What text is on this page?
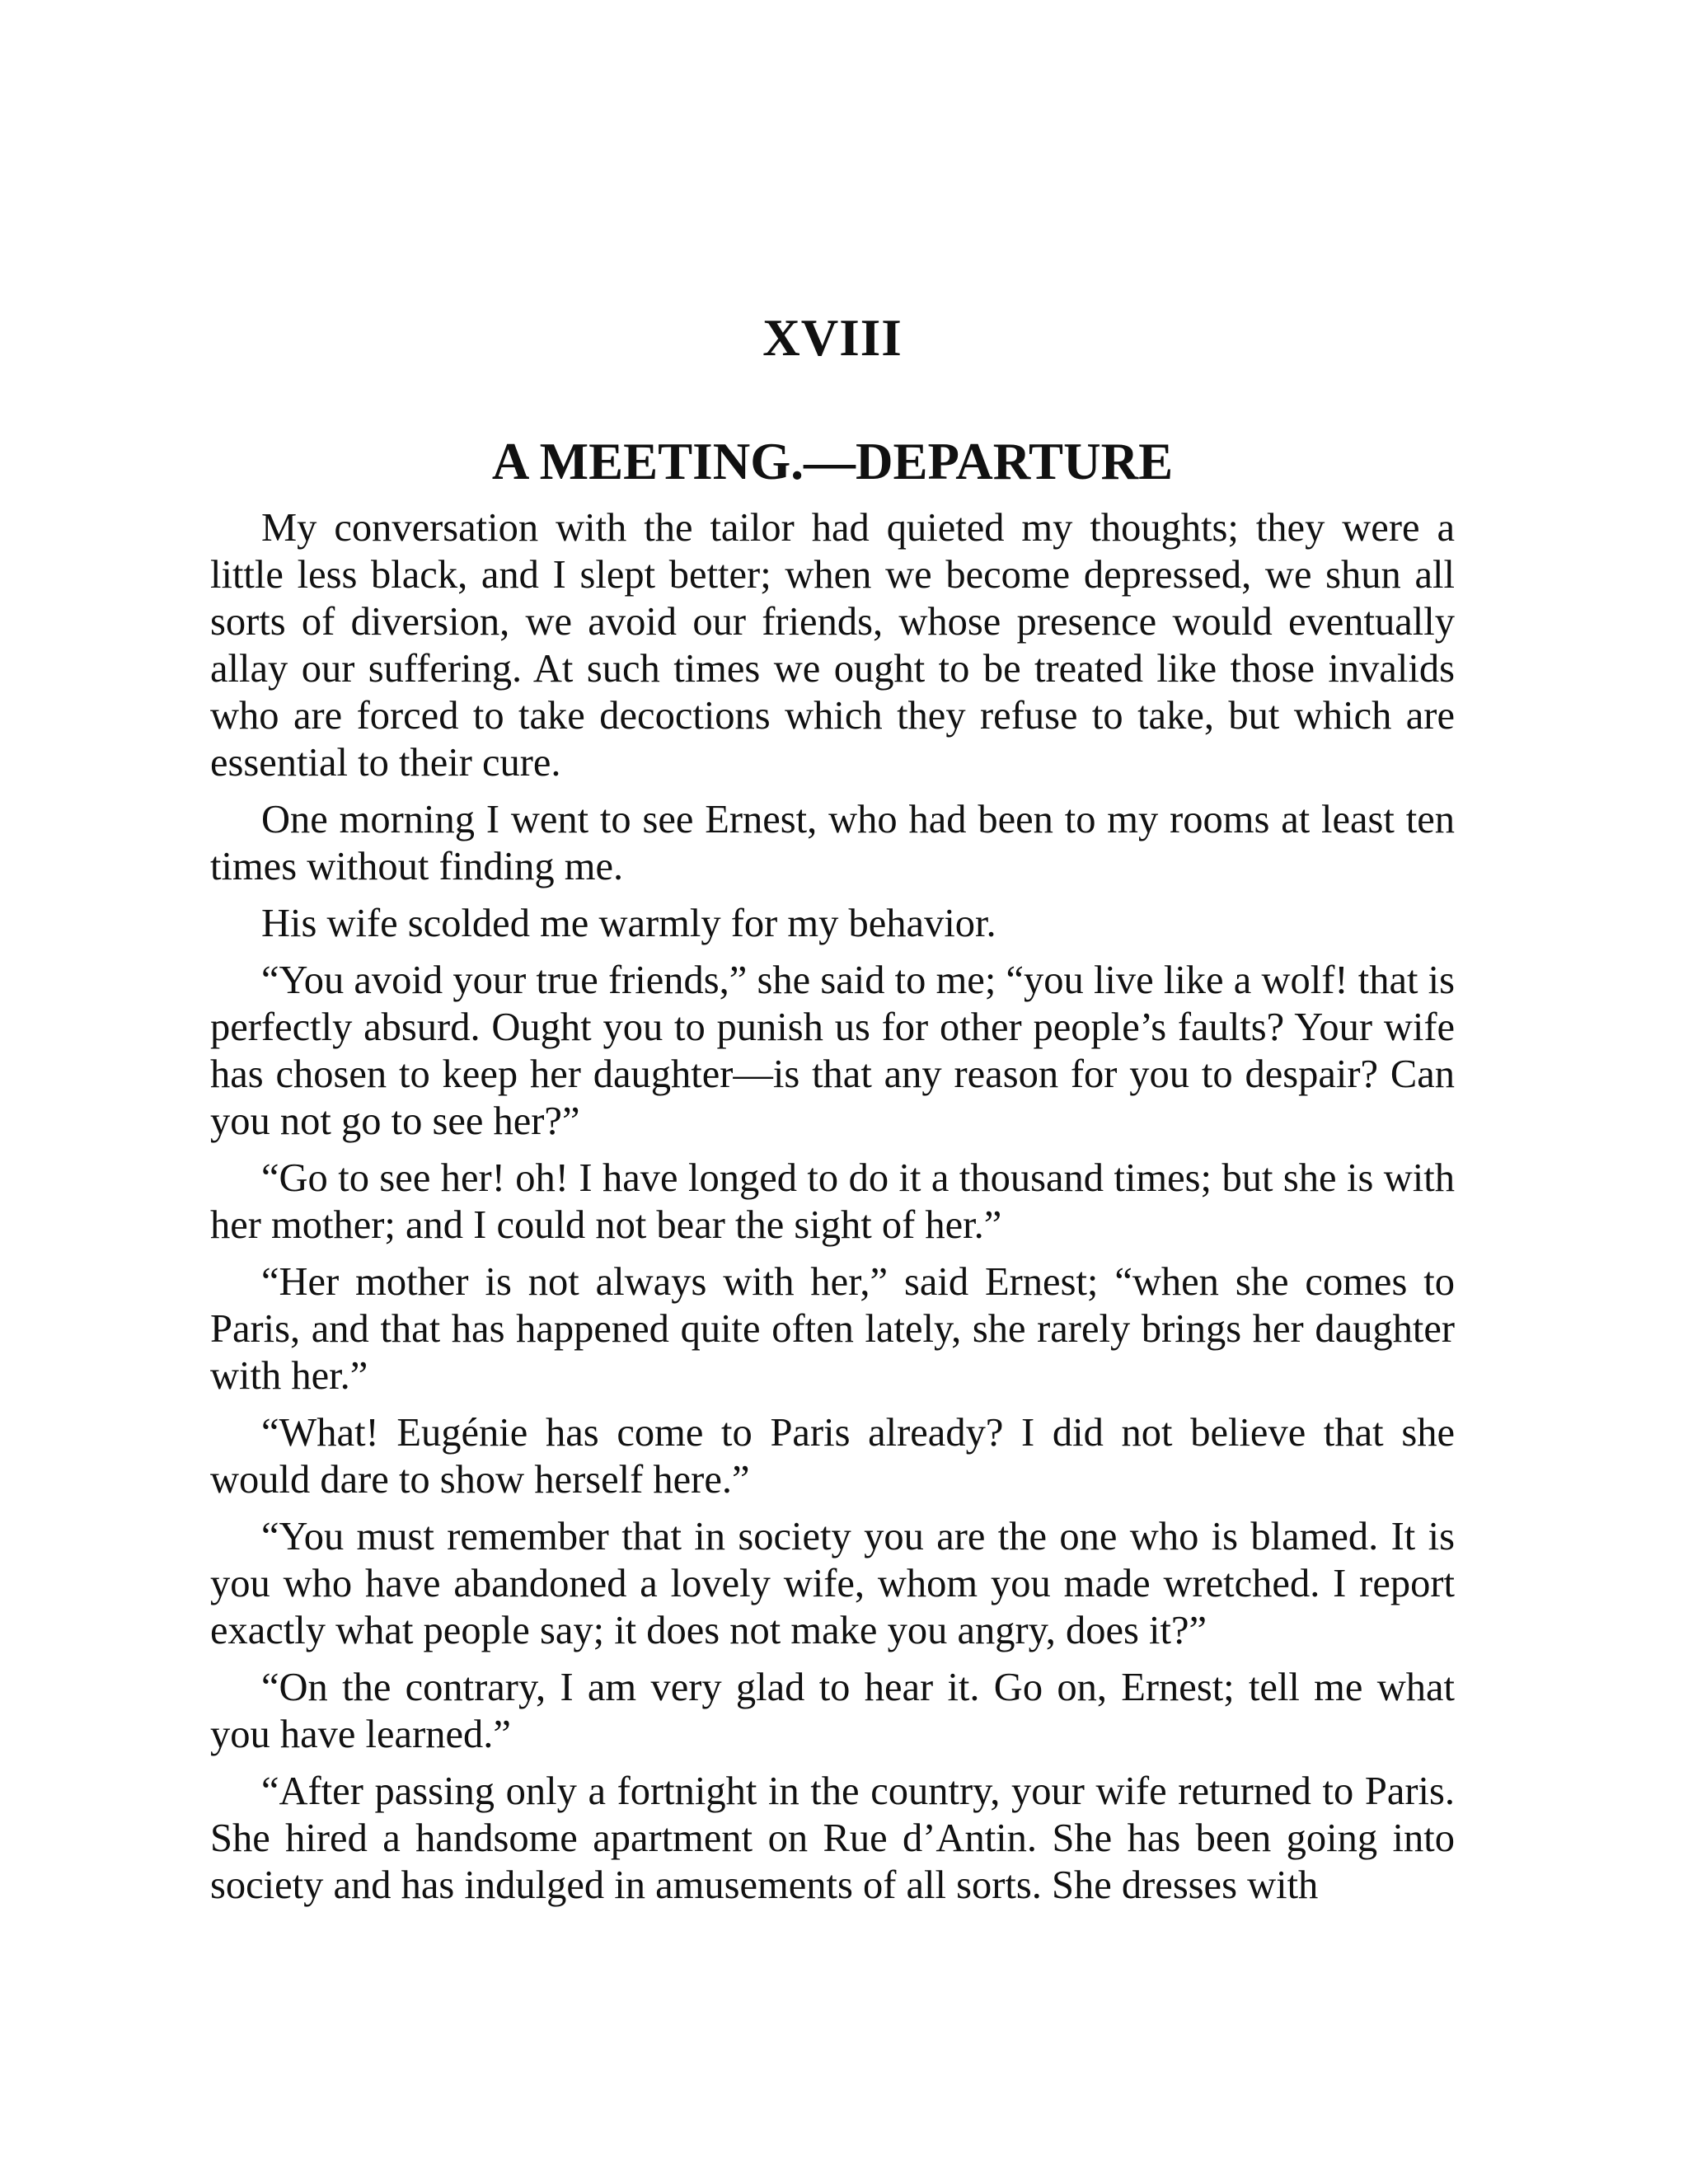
XVIII
A MEETING.—DEPARTURE

My conversation with the tailor had quieted my thoughts; they were a little less black, and I slept better; when we become depressed, we shun all sorts of diversion, we avoid our friends, whose presence would eventually allay our suffering. At such times we ought to be treated like those invalids who are forced to take decoctions which they refuse to take, but which are essential to their cure.

One morning I went to see Ernest, who had been to my rooms at least ten times without finding me.

His wife scolded me warmly for my behavior.

“You avoid your true friends,” she said to me; “you live like a wolf! that is perfectly absurd. Ought you to punish us for other people’s faults? Your wife has chosen to keep her daughter—is that any reason for you to despair? Can you not go to see her?”

“Go to see her! oh! I have longed to do it a thousand times; but she is with her mother; and I could not bear the sight of her.”

“Her mother is not always with her,” said Ernest; “when she comes to Paris, and that has happened quite often lately, she rarely brings her daughter with her.”

“What! Eugénie has come to Paris already? I did not believe that she would dare to show herself here.”

“You must remember that in society you are the one who is blamed. It is you who have abandoned a lovely wife, whom you made wretched. I report exactly what people say; it does not make you angry, does it?”

“On the contrary, I am very glad to hear it. Go on, Ernest; tell me what you have learned.”

“After passing only a fortnight in the country, your wife returned to Paris. She hired a handsome apartment on Rue d’Antin. She has been going into society and has indulged in amusements of all sorts. She dresses with
